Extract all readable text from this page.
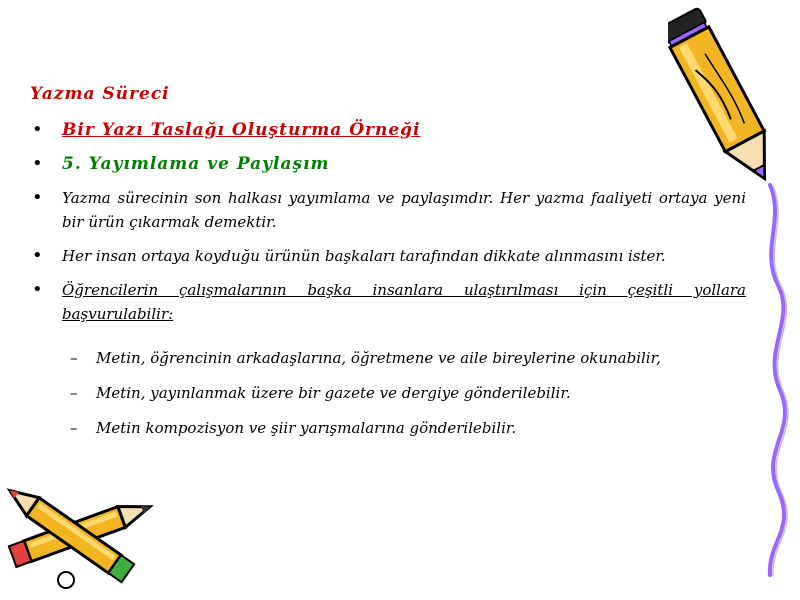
Yazma Süreci
• Bir Yazı Taslağı Oluşturma Örneği
• 5. Yayımlama ve Paylaşım
• Yazma sürecinin son halkası yayımlama ve paylaşımdır. Her yazma faaliyeti ortaya yeni bir ürün çıkarmak demektir.
• Her insan ortaya koyduğu ürünün başkaları tarafından dikkate alınmasını ister.
• Öğrencilerin çalışmalarının başka insanlara ulaştırılması için çeşitli yollara başvurulabilir:
– Metin, öğrencinin arkadaşlarına, öğretmene ve aile bireylerine okunabilir,
– Metin, yayınlanmak üzere bir gazete ve dergiye gönderilebilir.
– Metin kompozisyon ve şiir yarışmalarına gönderilebilir.
